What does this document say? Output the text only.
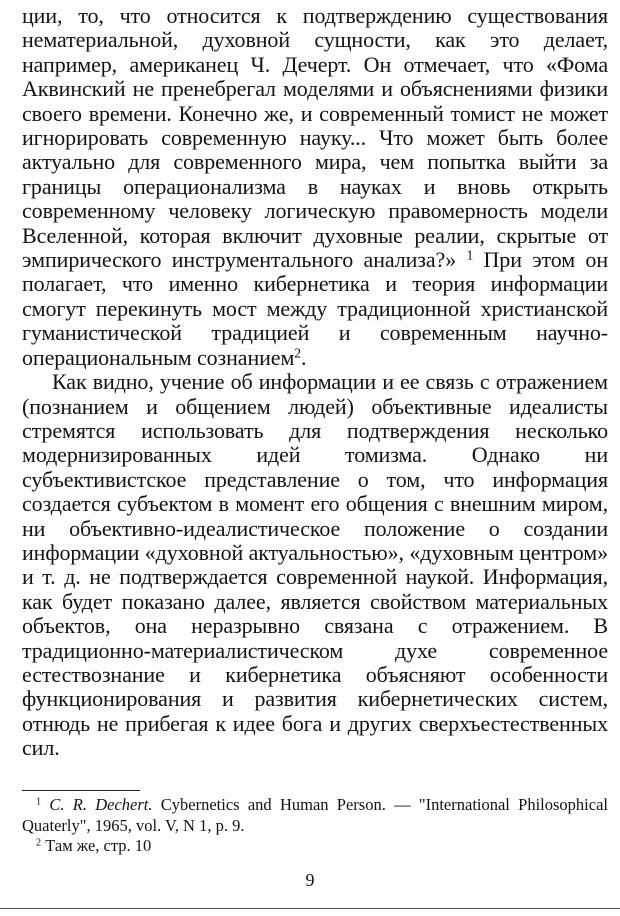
ции, то, что относится к подтверждению существования нематериальной, духовной сущности, как это делает, например, американец Ч. Дечерт. Он отмечает, что «Фома Аквинский не пренебрегал моделями и объяснениями физики своего времени. Конечно же, и современный томист не может игнорировать современную науку... Что может быть более актуально для современного мира, чем попытка выйти за границы операционализма в науках и вновь открыть современному человеку логическую правомерность модели Вселенной, которая включит духовные реалии, скрытые от эмпирического инструментального анализа?» $^1$ При этом он полагает, что именно кибернетика и теория информации смогут перекинуть мост между традиционной христианской гуманистической традицией и современным научно-операциональным сознанием$^2$.

Как видно, учение об информации и ее связь с отражением (познанием и общением людей) объективные идеалисты стремятся использовать для подтверждения несколько модернизированных идей томизма. Однако ни субъективистское представление о том, что информация создается субъектом в момент его общения с внешним миром, ни объективно-идеалистическое положение о создании информации «духовной актуальностью», «духовным центром» и т. д. не подтверждается современной наукой. Информация, как будет показано далее, является свойством материальных объектов, она неразрывно связана с отражением. В традиционно-материалистическом духе современное естествознание и кибернетика объясняют особенности функционирования и развития кибернетических систем, отнюдь не прибегая к идее бога и других сверхъестественных сил.

$^1$ C. R. Dechert. Cybernetics and Human Person. — "International Philosophical Quaterly", 1965, vol. V, N 1, p. 9.

$^2$ Там же, стр. 10

9
